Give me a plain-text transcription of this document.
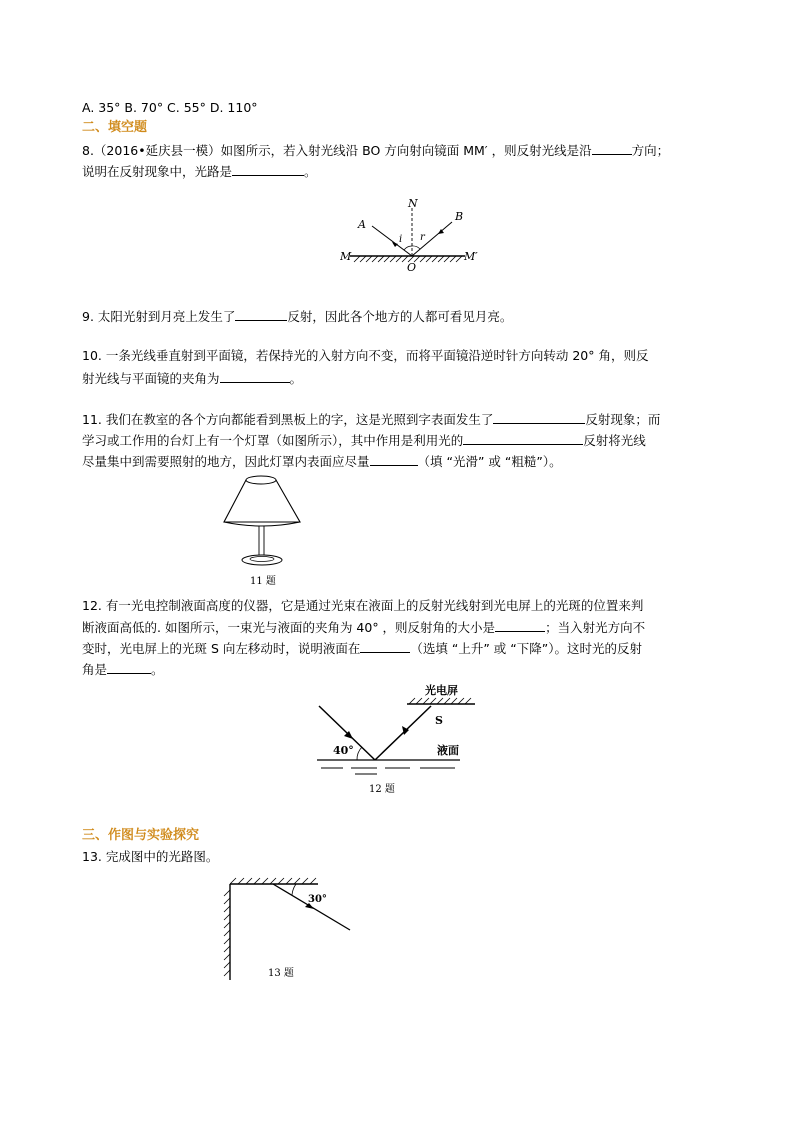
A. 35° B. 70° C. 55° D. 110°
二、填空题
8.（2016•延庆县一模）如图所示，若入射光线沿 BO 方向射向镜面 MM′ ，则反射光线是沿	方向；
说明在反射现象中，光路是	。
A
B
N
i r
M
O
M′
9. 太阳光射到月亮上发生了	反射，因此各个地方的人都可看见月亮。
10. 一条光线垂直射到平面镜，若保持光的入射方向不变，而将平面镜沿逆时针方向转动 20° 角，则反
射光线与平面镜的夹角为	。
11. 我们在教室的各个方向都能看到黑板上的字，这是光照到字表面发生了	反射现象；而
学习或工作用的台灯上有一个灯罩（如图所示），其中作用是利用光的	反射将光线
尽量集中到需要照射的地方，因此灯罩内表面应尽量	（填 “光滑” 或 “粗糙”）。
11 题
12. 有一光电控制液面高度的仪器，它是通过光束在液面上的反射光线射到光电屏上的光斑的位置来判
断液面高低的. 如图所示，一束光与液面的夹角为 40° ，则反射角的大小是	；当入射光方向不
变时，光电屏上的光斑 S 向左移动时，说明液面在	（选填 “上升” 或 “下降”）。这时光的反射
角是	。
光电屏
S
40°	液面
12 题
三、作图与实验探究
13. 完成图中的光路图。
30°
13 题
